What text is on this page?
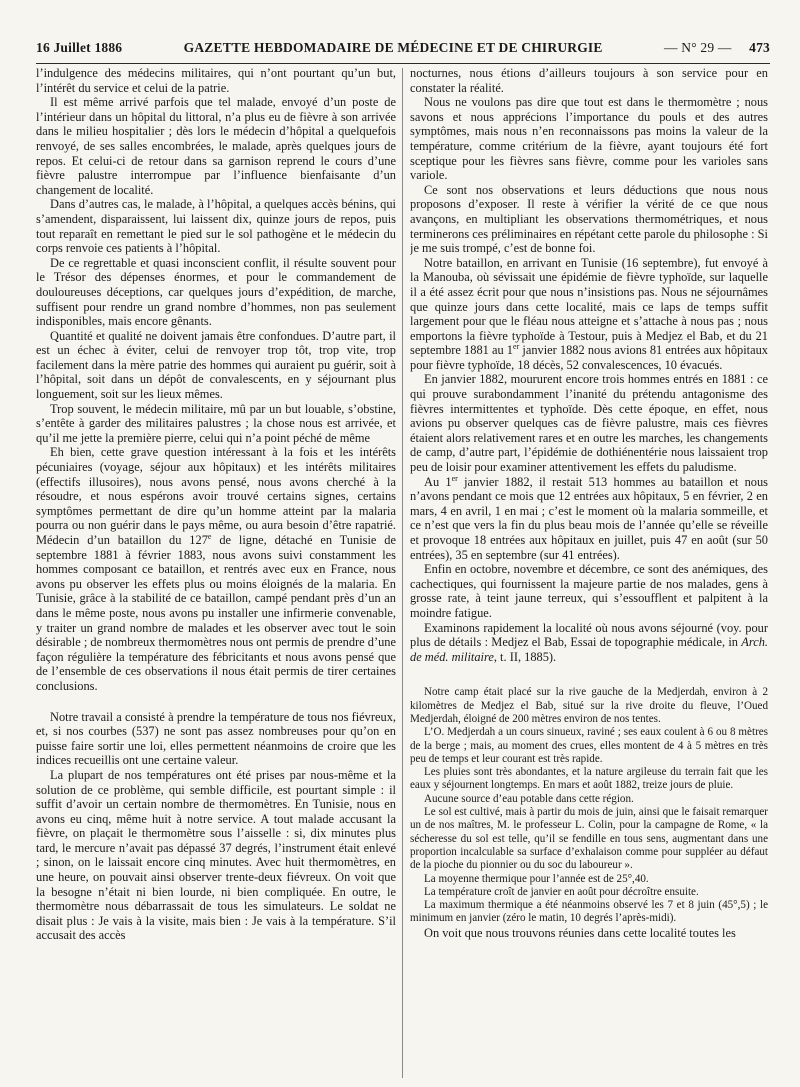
16 Juillet 1886	GAZETTE HEBDOMADAIRE DE MÉDECINE ET DE CHIRURGIE	— N° 29 — 473

l’indulgence des médecins militaires, qui n’ont pourtant qu’un but, l’intérêt du service et celui de la patrie.

Il est même arrivé parfois que tel malade, envoyé d’un poste de l’intérieur dans un hôpital du littoral, n’a plus eu de fièvre à son arrivée dans le milieu hospitalier ; dès lors le médecin d’hôpital a quelquefois renvoyé, de ses salles encombrées, le malade, après quelques jours de repos. Et celui-ci de retour dans sa garnison reprend le cours d’une fièvre palustre interrompue par l’influence bienfaisante d’un changement de localité.

Dans d’autres cas, le malade, à l’hôpital, a quelques accès bénins, qui s’amendent, disparaissent, lui laissent dix, quinze jours de repos, puis tout reparaît en remettant le pied sur le sol pathogène et le médecin du corps renvoie ces patients à l’hôpital.

De ce regrettable et quasi inconscient conflit, il résulte souvent pour le Trésor des dépenses énormes, et pour le commandement de douloureuses déceptions, car quelques jours d’expédition, de marche, suffisent pour rendre un grand nombre d’hommes, non pas seulement indisponibles, mais encore gênants.

Quantité et qualité ne doivent jamais être confondues. D’autre part, il est un échec à éviter, celui de renvoyer trop tôt, trop vite, trop facilement dans la mère patrie des hommes qui auraient pu guérir, soit à l’hôpital, soit dans un dépôt de convalescents, en y séjournant plus longuement, soit sur les lieux mêmes.

Trop souvent, le médecin militaire, mû par un but louable, s’obstine, s’entête à garder des militaires palustres ; la chose nous est arrivée, et qu’il me jette la première pierre, celui qui n’a point péché de même

Eh bien, cette grave question intéressant à la fois et les intérêts pécuniaires (voyage, séjour aux hôpitaux) et les intérêts militaires (effectifs illusoires), nous avons pensé, nous avons cherché à la résoudre, et nous espérons avoir trouvé certains signes, certains symptômes permettant de dire qu’un homme atteint par la malaria pourra ou non guérir dans le pays même, ou aura besoin d’être rapatrié. Médecin d’un bataillon du 127e de ligne, détaché en Tunisie de septembre 1881 à février 1883, nous avons suivi constamment les hommes composant ce bataillon, et rentrés avec eux en France, nous avons pu observer les effets plus ou moins éloignés de la malaria. En Tunisie, grâce à la stabilité de ce bataillon, campé pendant près d’un an dans le même poste, nous avons pu installer une infirmerie convenable, y traiter un grand nombre de malades et les observer avec tout le soin désirable ; de nombreux thermomètres nous ont permis de prendre d’une façon régulière la température des fébricitants et nous avons pensé que de l’ensemble de ces observations il nous était permis de tirer certaines conclusions.

Notre travail a consisté à prendre la température de tous nos fiévreux, et, si nos courbes (537) ne sont pas assez nombreuses pour qu’on en puisse faire sortir une loi, elles permettent néanmoins de croire que les indices recueillis ont une certaine valeur.

La plupart de nos températures ont été prises par nous-même et la solution de ce problème, qui semble difficile, est pourtant simple : il suffit d’avoir un certain nombre de thermomètres. En Tunisie, nous en avons eu cinq, même huit à notre service. A tout malade accusant la fièvre, on plaçait le thermomètre sous l’aisselle : si, dix minutes plus tard, le mercure n’avait pas dépassé 37 degrés, l’instrument était enlevé ; sinon, on le laissait encore cinq minutes. Avec huit thermomètres, en une heure, on pouvait ainsi observer trente-deux fiévreux. On voit que la besogne n’était ni bien lourde, ni bien compliquée. En outre, le thermomètre nous débarrassait de tous les simulateurs. Le soldat ne disait plus : Je vais à la visite, mais bien : Je vais à la température. S’il accusait des accès

nocturnes, nous étions d’ailleurs toujours à son service pour en constater la réalité.

Nous ne voulons pas dire que tout est dans le thermomètre ; nous savons et nous apprécions l’importance du pouls et des autres symptômes, mais nous n’en reconnaissons pas moins la valeur de la température, comme critérium de la fièvre, ayant toujours été fort sceptique pour les fièvres sans fièvre, comme pour les varioles sans variole.

Ce sont nos observations et leurs déductions que nous nous proposons d’exposer. Il reste à vérifier la vérité de ce que nous avançons, en multipliant les observations thermométriques, et nous terminerons ces préliminaires en répétant cette parole du philosophe : Si je me suis trompé, c’est de bonne foi.

Notre bataillon, en arrivant en Tunisie (16 septembre), fut envoyé à la Manouba, où sévissait une épidémie de fièvre typhoïde, sur laquelle il a été assez écrit pour que nous n’insistions pas. Nous ne séjournâmes que quinze jours dans cette localité, mais ce laps de temps suffit largement pour que le fléau nous atteigne et s’attache à nous pas ; nous emportons la fièvre typhoïde à Testour, puis à Medjez el Bab, et du 21 septembre 1881 au 1er janvier 1882 nous avions 81 entrées aux hôpitaux pour fièvre typhoïde, 18 décès, 52 convalescences, 10 évacués.

En janvier 1882, moururent encore trois hommes entrés en 1881 : ce qui prouve surabondamment l’inanité du prétendu antagonisme des fièvres intermittentes et typhoïde. Dès cette époque, en effet, nous avions pu observer quelques cas de fièvre palustre, mais ces fièvres étaient alors relativement rares et en outre les marches, les changements de camp, d’autre part, l’épidémie de dothiénentérie nous laissaient trop peu de loisir pour examiner attentivement les effets du paludisme.

Au 1er janvier 1882, il restait 513 hommes au bataillon et nous n’avons pendant ce mois que 12 entrées aux hôpitaux, 5 en février, 2 en mars, 4 en avril, 1 en mai ; c’est le moment où la malaria sommeille, et ce n’est que vers la fin du plus beau mois de l’année qu’elle se réveille et provoque 18 entrées aux hôpitaux en juillet, puis 47 en août (sur 50 entrées), 35 en septembre (sur 41 entrées).

Enfin en octobre, novembre et décembre, ce sont des anémiques, des cachectiques, qui fournissent la majeure partie de nos malades, gens à grosse rate, à teint jaune terreux, qui s’essoufflent et palpitent à la moindre fatigue.

Examinons rapidement la localité où nous avons séjourné (voy. pour plus de détails : Medjez el Bab, Essai de topographie médicale, in Arch. de méd. militaire, t. II, 1885).

Notre camp était placé sur la rive gauche de la Medjerdah, environ à 2 kilomètres de Medjez el Bab, situé sur la rive droite du fleuve, l’Oued Medjerdah, éloigné de 200 mètres environ de nos tentes.

L’O. Medjerdah a un cours sinueux, raviné ; ses eaux coulent à 6 ou 8 mètres de la berge ; mais, au moment des crues, elles montent de 4 à 5 mètres en très peu de temps et leur courant est très rapide.

Les pluies sont très abondantes, et la nature argileuse du terrain fait que les eaux y séjournent longtemps. En mars et août 1882, treize jours de pluie.

Aucune source d’eau potable dans cette région.

Le sol est cultivé, mais à partir du mois de juin, ainsi que le faisait remarquer un de nos maîtres, M. le professeur L. Colin, pour la campagne de Rome, « la sécheresse du sol est telle, qu’il se fendille en tous sens, augmentant dans une proportion incalculable sa surface d’exhalaison comme pour suppléer au défaut de la pioche du pionnier ou du soc du laboureur ».

La moyenne thermique pour l’année est de 25°,40.

La température croît de janvier en août pour décroître ensuite.

La maximum thermique a été néanmoins observé les 7 et 8 juin (45°,5) ; le minimum en janvier (zéro le matin, 10 degrés l’après-midi).

On voit que nous trouvons réunies dans cette localité toutes les
